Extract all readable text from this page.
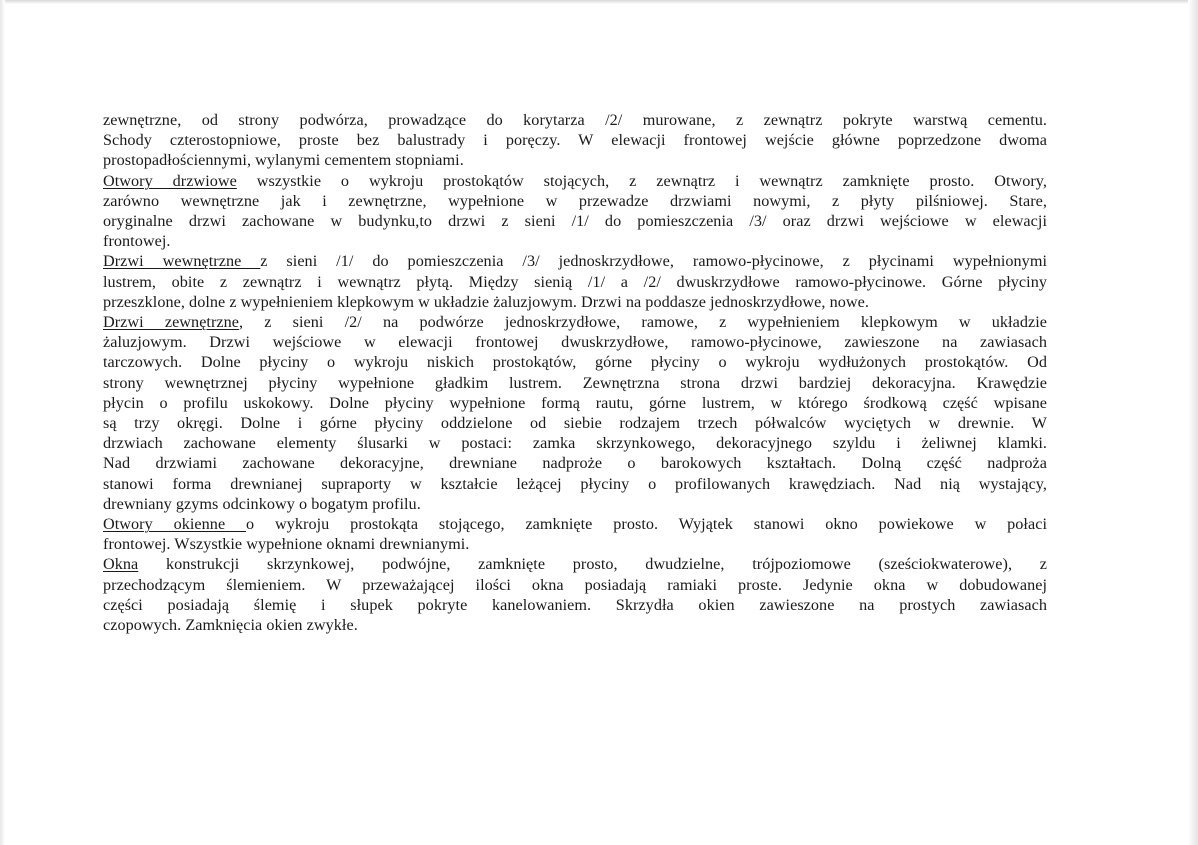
zewnętrzne, od strony podwórza, prowadzące do korytarza /2/ murowane, z zewnątrz pokryte warstwą cementu.
Schody czterostopniowe, proste bez balustrady i poręczy. W elewacji frontowej wejście główne poprzedzone dwoma
prostopadłościennymi, wylanymi cementem stopniami.
Otwory drzwiowe wszystkie o wykroju prostokątów stojących, z zewnątrz i wewnątrz zamknięte prosto. Otwory,
zarówno wewnętrzne jak i zewnętrzne, wypełnione w przewadze drzwiami nowymi, z płyty pilśniowej. Stare,
oryginalne drzwi zachowane w budynku,to drzwi z sieni /1/ do pomieszczenia /3/ oraz drzwi wejściowe w elewacji
frontowej.
Drzwi wewnętrzne z sieni /1/ do pomieszczenia /3/ jednoskrzydłowe, ramowo-płycinowe, z płycinami wypełnionymi
lustrem, obite z zewnątrz i wewnątrz płytą. Między sienią /1/ a /2/ dwuskrzydłowe ramowo-płycinowe. Górne płyciny
przeszklone, dolne z wypełnieniem klepkowym w układzie żaluzjowym. Drzwi na poddasze jednoskrzydłowe, nowe.
Drzwi zewnętrzne, z sieni /2/ na podwórze jednoskrzydłowe, ramowe, z wypełnieniem klepkowym w układzie
żaluzjowym. Drzwi wejściowe w elewacji frontowej dwuskrzydłowe, ramowo-płycinowe, zawieszone na zawiasach
tarczowych. Dolne płyciny o wykroju niskich prostokątów, górne płyciny o wykroju wydłużonych prostokątów. Od
strony wewnętrznej płyciny wypełnione gładkim lustrem. Zewnętrzna strona drzwi bardziej dekoracyjna. Krawędzie
płycin o profilu uskokowy. Dolne płyciny wypełnione formą rautu, górne lustrem, w którego środkową część wpisane
są trzy okręgi. Dolne i górne płyciny oddzielone od siebie rodzajem trzech półwalców wyciętych w drewnie. W
drzwiach zachowane elementy ślusarki w postaci: zamka skrzynkowego, dekoracyjnego szyldu i żeliwnej klamki.
Nad drzwiami zachowane dekoracyjne, drewniane nadproże o barokowych kształtach. Dolną część nadproża
stanowi forma drewnianej supraporty w kształcie leżącej płyciny o profilowanych krawędziach. Nad nią wystający,
drewniany gzyms odcinkowy o bogatym profilu.
Otwory okienne o wykroju prostokąta stojącego, zamknięte prosto. Wyjątek stanowi okno powiekowe w połaci
frontowej. Wszystkie wypełnione oknami drewnianymi.
Okna konstrukcji skrzynkowej, podwójne, zamknięte prosto, dwudzielne, trójpoziomowe (sześciokwaterowe), z
przechodzącym ślemieniem. W przeważającej ilości okna posiadają ramiaki proste. Jedynie okna w dobudowanej
części posiadają ślemię i słupek pokryte kanelowaniem. Skrzydła okien zawieszone na prostych zawiasach
czopowych. Zamknięcia okien zwykłe.
